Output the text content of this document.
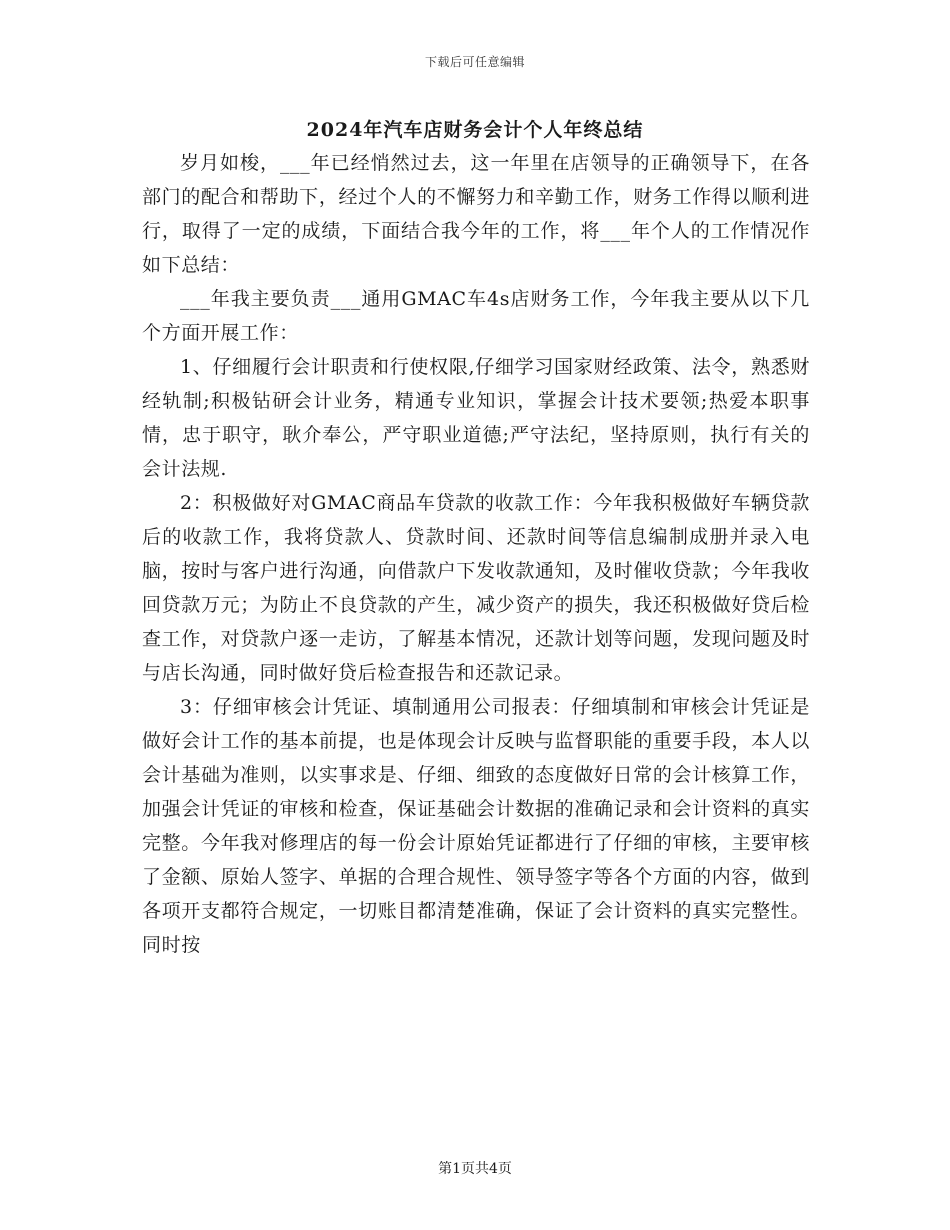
下载后可任意编辑
2024年汽车店财务会计个人年终总结

岁月如梭，___年已经悄然过去，这一年里在店领导的正确领导下，在各部门的配合和帮助下，经过个人的不懈努力和辛勤工作，财务工作得以顺利进行，取得了一定的成绩，下面结合我今年的工作，将___年个人的工作情况作如下总结：

___年我主要负责___通用GMAC车4s店财务工作，今年我主要从以下几个方面开展工作：

1、仔细履行会计职责和行使权限,仔细学习国家财经政策、法令，熟悉财经轨制;积极钻研会计业务，精通专业知识，掌握会计技术要领;热爱本职事情，忠于职守，耿介奉公，严守职业道德;严守法纪，坚持原则，执行有关的会计法规.

2：积极做好对GMAC商品车贷款的收款工作：今年我积极做好车辆贷款后的收款工作，我将贷款人、贷款时间、还款时间等信息编制成册并录入电脑，按时与客户进行沟通，向借款户下发收款通知，及时催收贷款；今年我收回贷款万元；为防止不良贷款的产生，减少资产的损失，我还积极做好贷后检查工作，对贷款户逐一走访，了解基本情况，还款计划等问题，发现问题及时与店长沟通，同时做好贷后检查报告和还款记录。

3：仔细审核会计凭证、填制通用公司报表：仔细填制和审核会计凭证是做好会计工作的基本前提，也是体现会计反映与监督职能的重要手段，本人以会计基础为准则，以实事求是、仔细、细致的态度做好日常的会计核算工作，加强会计凭证的审核和检查，保证基础会计数据的准确记录和会计资料的真实完整。今年我对修理店的每一份会计原始凭证都进行了仔细的审核，主要审核了金额、原始人签字、单据的合理合规性、领导签字等各个方面的内容，做到各项开支都符合规定，一切账目都清楚准确，保证了会计资料的真实完整性。同时按

第1页共4页
